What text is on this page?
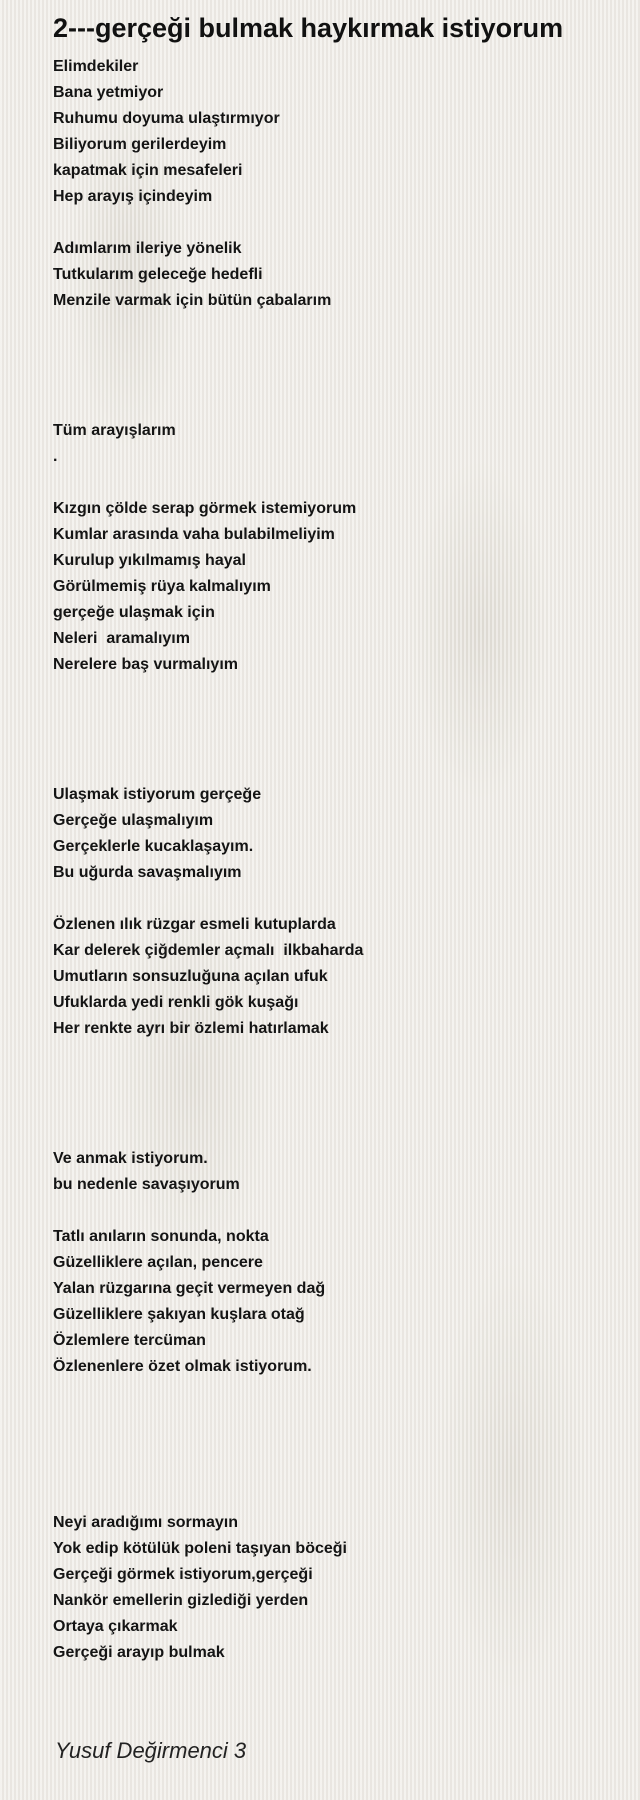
2---gerçeği bulmak haykırmak istiyorum
Elimdekiler
Bana yetmiyor
Ruhumu doyuma ulaştırmıyor
Biliyorum gerilerdeyim
kapatmak için mesafeleri
Hep arayış içindeyim
Adımlarım ileriye yönelik
Tutkularım geleceğe hedefli
Menzile varmak için bütün çabalarım
Tüm arayışlarım
.
Kızgın çölde serap görmek istemiyorum
Kumlar arasında vaha bulabilmeliyim
Kurulup yıkılmamış hayal
Görülmemiş rüya kalmalıyım
gerçeğe ulaşmak için
Neleri  aramalıyım
Nerelere baş vurmalıyım
Ulaşmak istiyorum gerçeğe
Gerçeğe ulaşmalıyım
Gerçeklerle kucaklaşayım.
Bu uğurda savaşmalıyım
Özlenen ılık rüzgar esmeli kutuplarda
Kar delerek çiğdemler açmalı  ilkbaharda
Umutların sonsuzluğuna açılan ufuk
Ufuklarda yedi renkli gök kuşağı
Her renkte ayrı bir özlemi hatırlamak
Ve anmak istiyorum.
bu nedenle savaşıyorum
Tatlı anıların sonunda, nokta
Güzelliklere açılan, pencere
Yalan rüzgarına geçit vermeyen dağ
Güzelliklere şakıyan kuşlara otağ
Özlemlere tercüman
Özlenenlere özet olmak istiyorum.
Neyi aradığımı sormayın
Yok edip kötülük poleni taşıyan böceği
Gerçeği görmek istiyorum,gerçeği
Nankör emellerin gizlediği yerden
Ortaya çıkarmak
Gerçeği arayıp bulmak
Yusuf Değirmenci 3
